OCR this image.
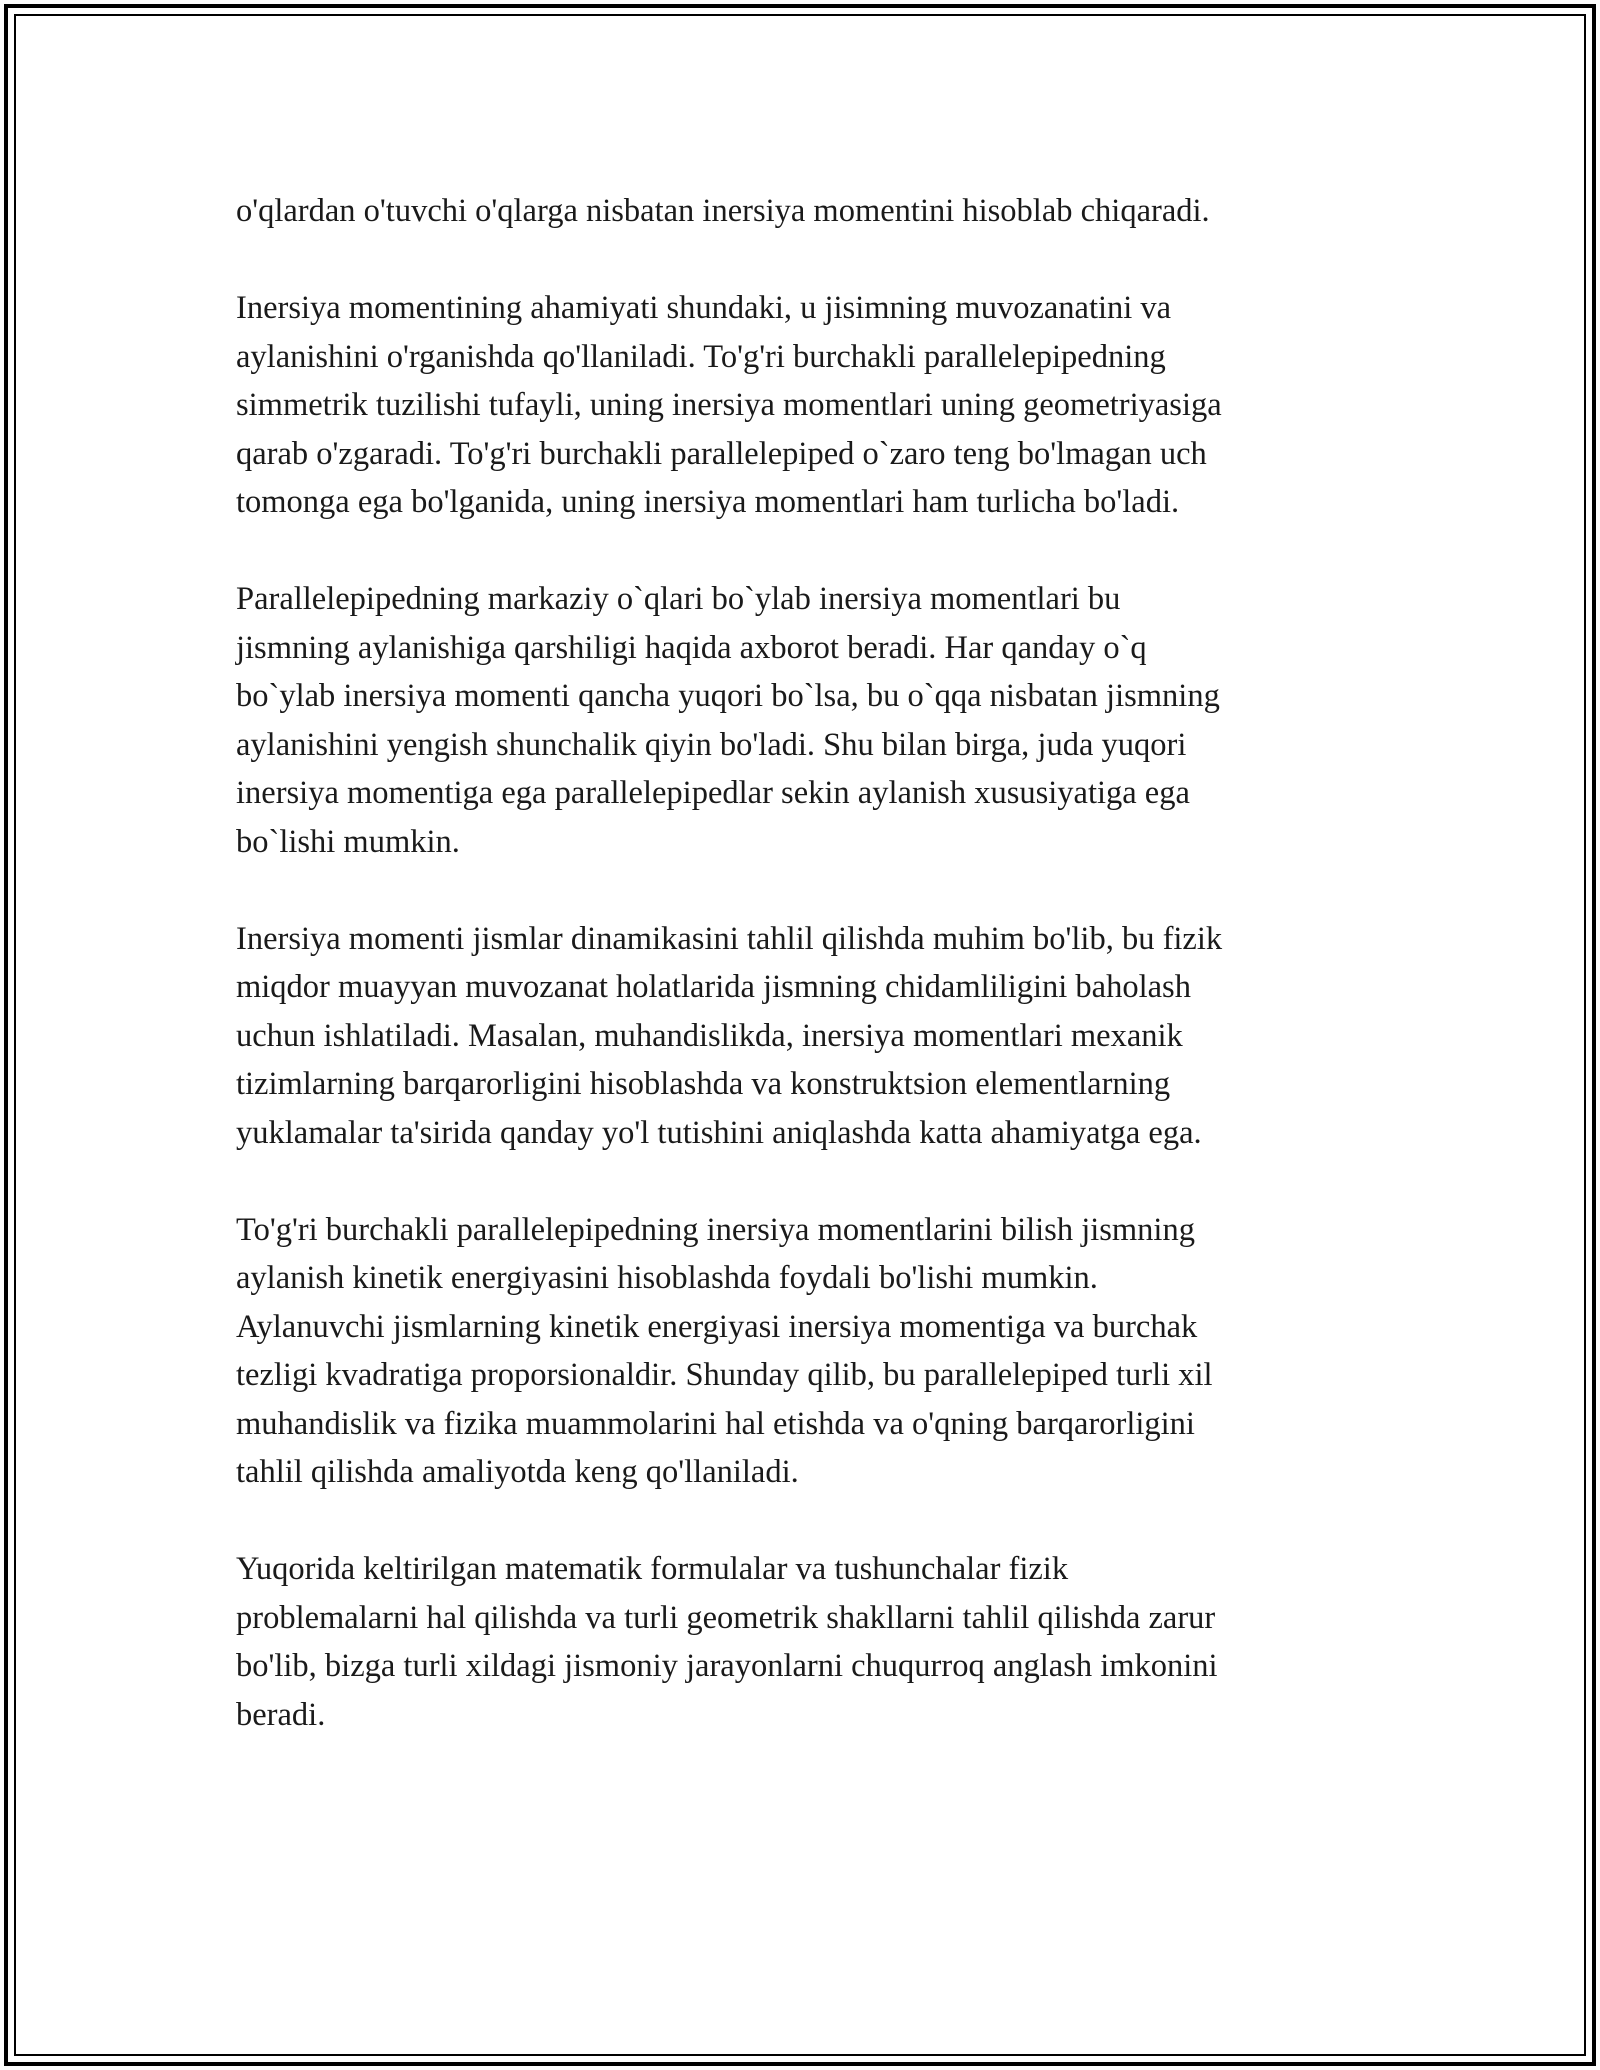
o'qlardan o'tuvchi o'qlarga nisbatan inersiya momentini hisoblab chiqaradi.

Inersiya momentining ahamiyati shundaki, u jisimning muvozanatini va
aylanishini o'rganishda qo'llaniladi. To'g'ri burchakli parallelepipedning
simmetrik tuzilishi tufayli, uning inersiya momentlari uning geometriyasiga
qarab o'zgaradi. To'g'ri burchakli parallelepiped o`zaro teng bo'lmagan uch
tomonga ega bo'lganida, uning inersiya momentlari ham turlicha bo'ladi.

Parallelepipedning markaziy o`qlari bo`ylab inersiya momentlari bu
jismning aylanishiga qarshiligi haqida axborot beradi. Har qanday o`q
bo`ylab inersiya momenti qancha yuqori bo`lsa, bu o`qqa nisbatan jismning
aylanishini yengish shunchalik qiyin bo'ladi. Shu bilan birga, juda yuqori
inersiya momentiga ega parallelepipedlar sekin aylanish xususiyatiga ega
bo`lishi mumkin.

Inersiya momenti jismlar dinamikasini tahlil qilishda muhim bo'lib, bu fizik
miqdor muayyan muvozanat holatlarida jismning chidamliligini baholash
uchun ishlatiladi. Masalan, muhandislikda, inersiya momentlari mexanik
tizimlarning barqarorligini hisoblashda va konstruktsion elementlarning
yuklamalar ta'sirida qanday yo'l tutishini aniqlashda katta ahamiyatga ega.

To'g'ri burchakli parallelepipedning inersiya momentlarini bilish jismning
aylanish kinetik energiyasini hisoblashda foydali bo'lishi mumkin.
Aylanuvchi jismlarning kinetik energiyasi inersiya momentiga va burchak
tezligi kvadratiga proporsionaldir. Shunday qilib, bu parallelepiped turli xil
muhandislik va fizika muammolarini hal etishda va o'qning barqarorligini
tahlil qilishda amaliyotda keng qo'llaniladi.

Yuqorida keltirilgan matematik formulalar va tushunchalar fizik
problemalarni hal qilishda va turli geometrik shakllarni tahlil qilishda zarur
bo'lib, bizga turli xildagi jismoniy jarayonlarni chuqurroq anglash imkonini
beradi.
